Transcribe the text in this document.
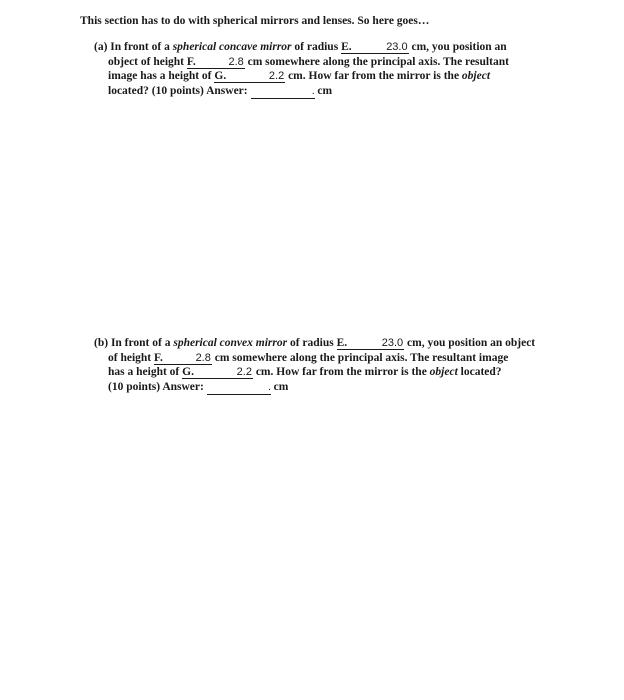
This section has to do with spherical mirrors and lenses. So here goes…
(a) In front of a spherical concave mirror of radius E.	23.0 cm, you position an
object of height F.	2.8 cm somewhere along the principal axis. The resultant
image has a height of G.	2.2 cm. How far from the mirror is the object
located? (10 points) Answer:	. cm
(b) In front of a spherical convex mirror of radius E.	23.0 cm, you position an object
of height F.	2.8 cm somewhere along the principal axis. The resultant image
has a height of G.	2.2 cm. How far from the mirror is the object located?
(10 points) Answer:	. cm
